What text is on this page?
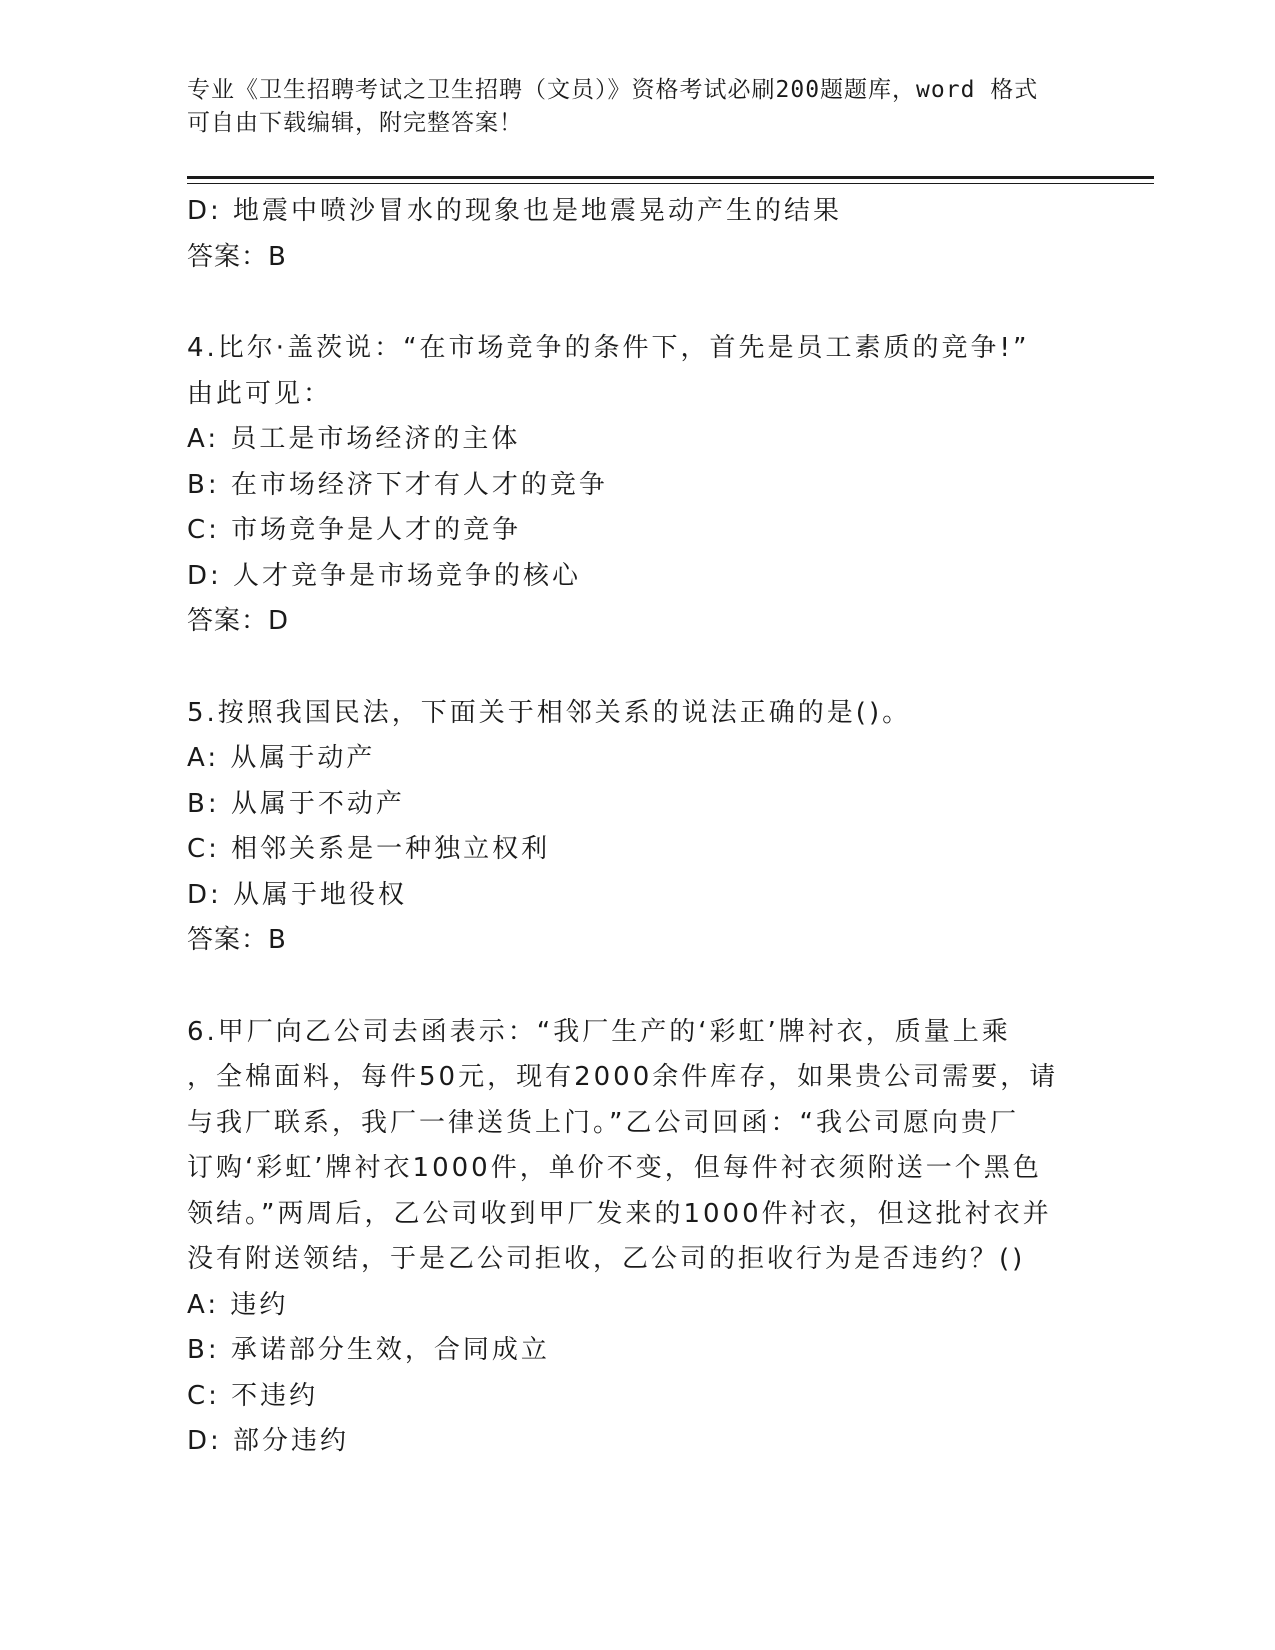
专业《卫生招聘考试之卫生招聘（文员）》资格考试必刷200题题库，word 格式
可自由下载编辑，附完整答案！
D: 地震中喷沙冒水的现象也是地震晃动产生的结果
答案：B
4.比尔·盖茨说：“在市场竞争的条件下，首先是员工素质的竞争!”
由此可见：
A: 员工是市场经济的主体
B: 在市场经济下才有人才的竞争
C: 市场竞争是人才的竞争
D: 人才竞争是市场竞争的核心
答案：D
5.按照我国民法，下面关于相邻关系的说法正确的是()。
A: 从属于动产
B: 从属于不动产
C: 相邻关系是一种独立权利
D: 从属于地役权
答案：B
6.甲厂向乙公司去函表示：“我厂生产的‘彩虹’牌衬衣，质量上乘
，全棉面料，每件50元，现有2000余件库存，如果贵公司需要，请
与我厂联系，我厂一律送货上门。”乙公司回函：“我公司愿向贵厂
订购‘彩虹’牌衬衣1000件，单价不变，但每件衬衣须附送一个黑色
领结。”两周后，乙公司收到甲厂发来的1000件衬衣，但这批衬衣并
没有附送领结，于是乙公司拒收，乙公司的拒收行为是否违约？()
A: 违约
B: 承诺部分生效，合同成立
C: 不违约
D: 部分违约
